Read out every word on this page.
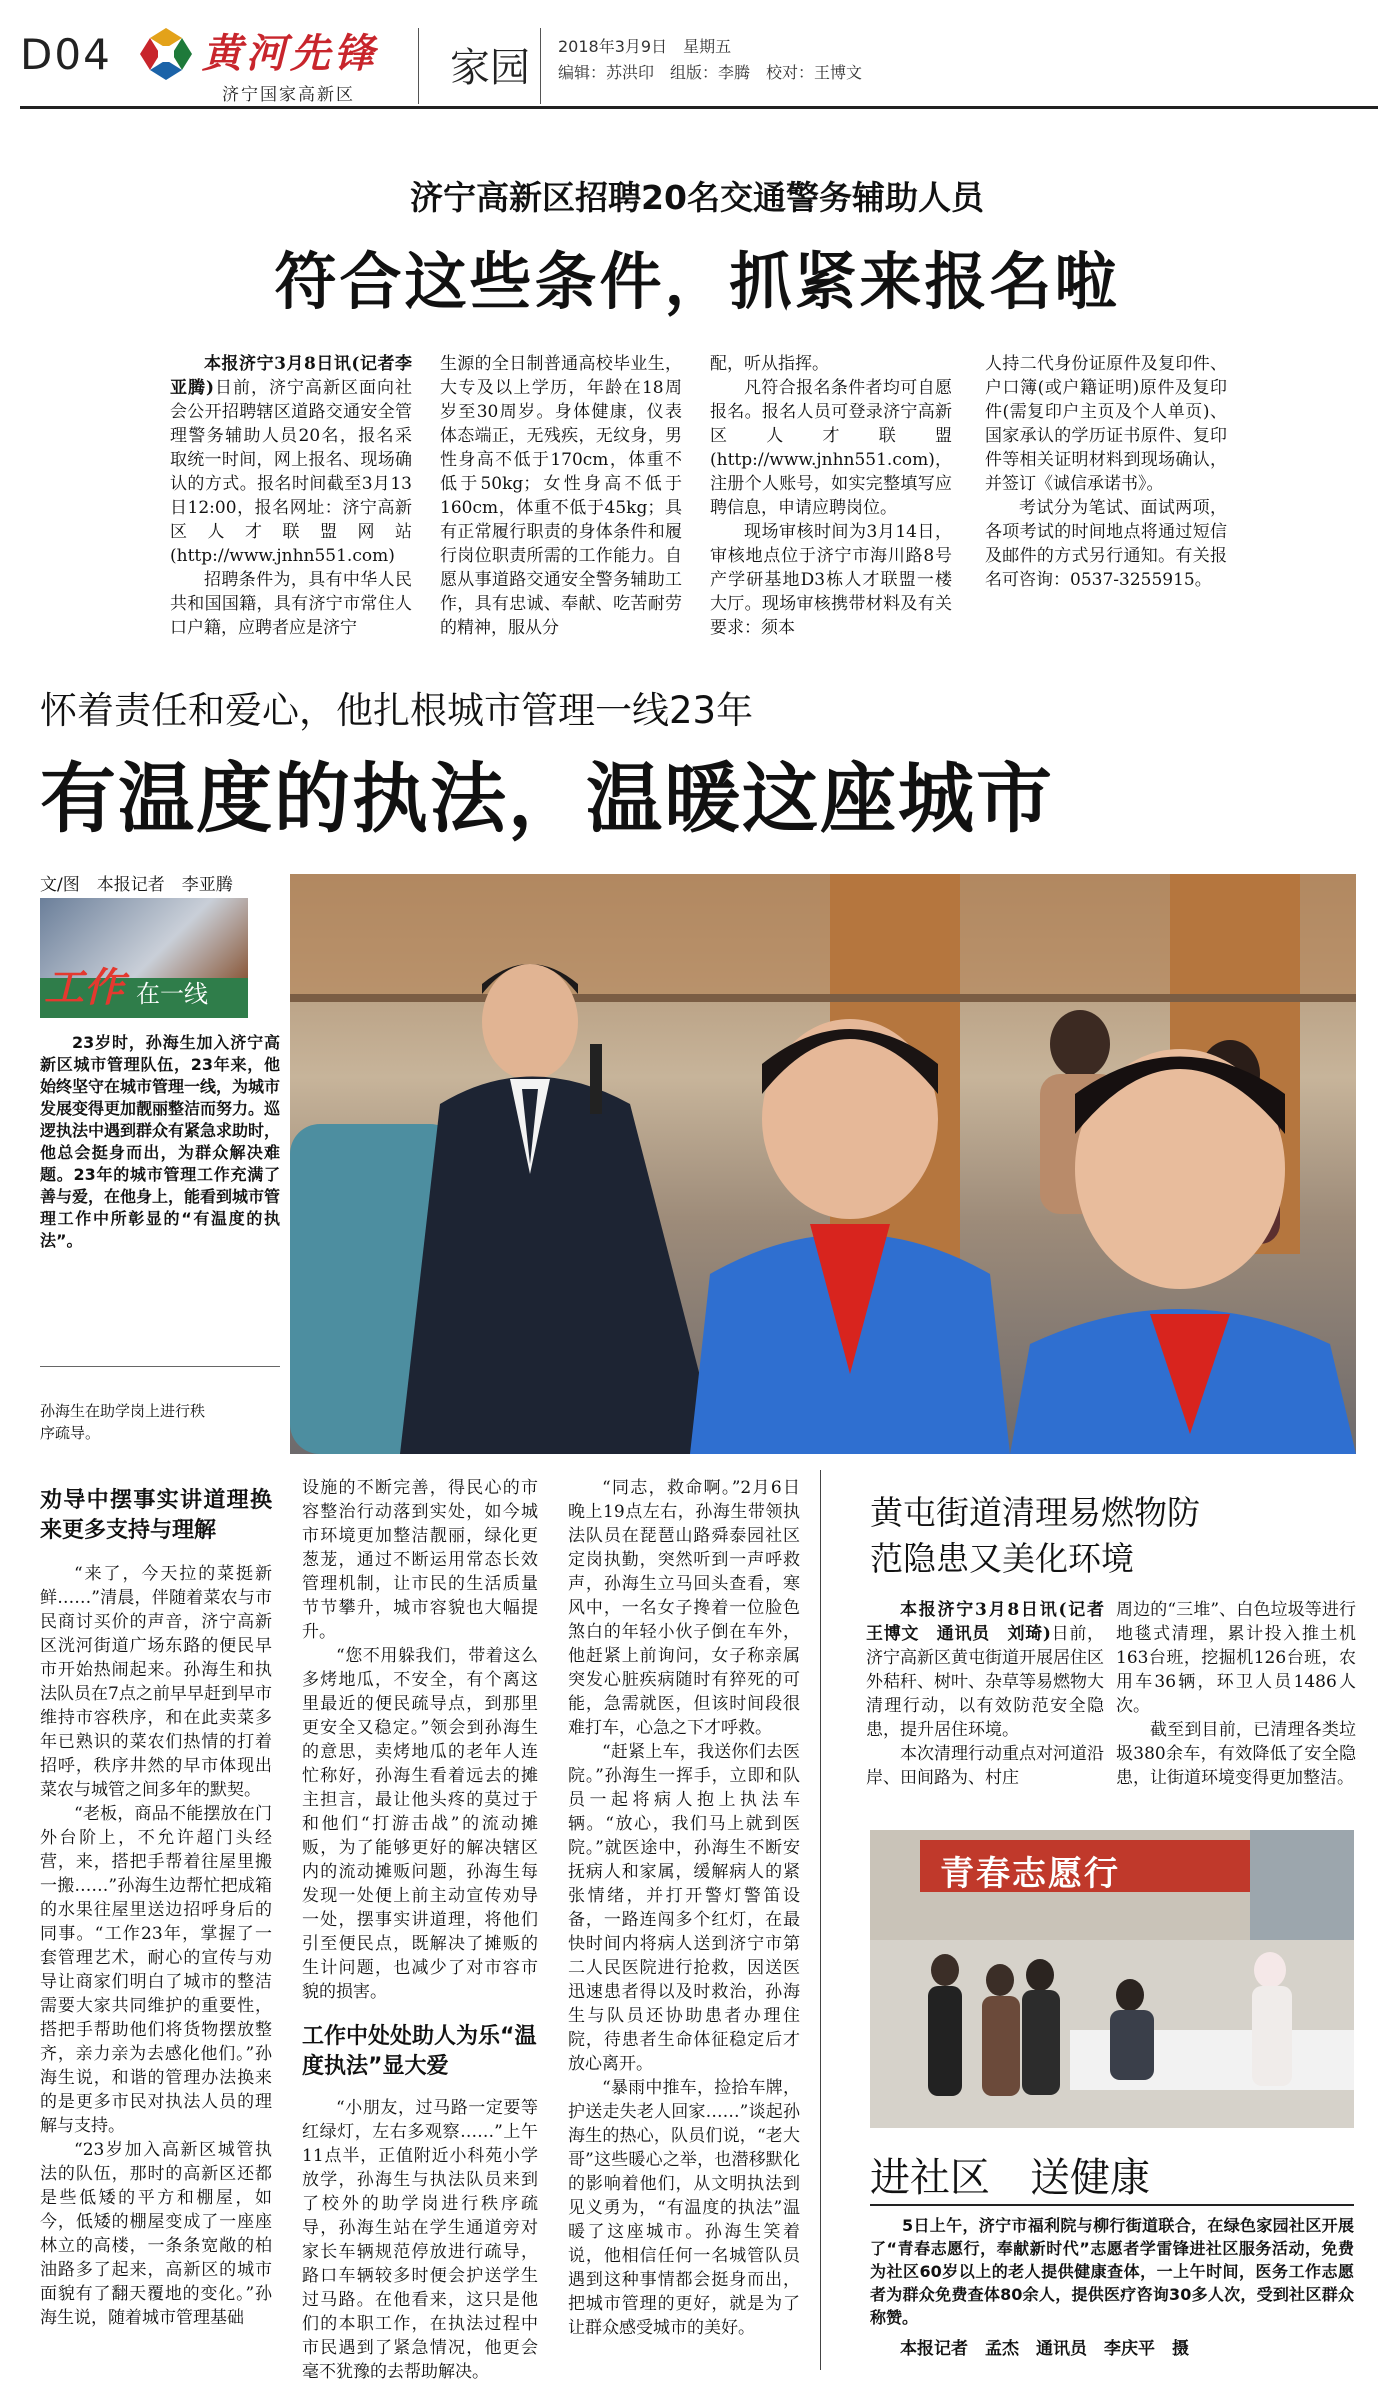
D04 黄河先锋
济宁国家高新区
家园 2018年3月9日　星期五
编辑：苏洪印　组版：李腾　校对：王博文
济宁高新区招聘20名交通警务辅助人员
符合这些条件，抓紧来报名啦

本报济宁3月8日讯(记者李亚腾)日前，济宁高新区面向社会公开招聘辖区道路交通安全管理警务辅助人员20名，报名采取统一时间，网上报名、现场确认的方式。报名时间截至3月13日12:00，报名网址：济宁高新区人才联盟网站(http://www.jnhn551.com)

招聘条件为，具有中华人民共和国国籍，具有济宁市常住人口户籍，应聘者应是济宁

生源的全日制普通高校毕业生，大专及以上学历，年龄在18周岁至30周岁。身体健康，仪表体态端正，无残疾，无纹身，男性身高不低于170cm，体重不低于50kg；女性身高不低于160cm，体重不低于45kg；具有正常履行职责的身体条件和履行岗位职责所需的工作能力。自愿从事道路交通安全警务辅助工作，具有忠诚、奉献、吃苦耐劳的精神，服从分

配，听从指挥。

凡符合报名条件者均可自愿报名。报名人员可登录济宁高新区人才联盟(http://www.jnhn551.com)，注册个人账号，如实完整填写应聘信息，申请应聘岗位。

现场审核时间为3月14日，审核地点位于济宁市海川路8号产学研基地D3栋人才联盟一楼大厅。现场审核携带材料及有关要求：须本

人持二代身份证原件及复印件、户口簿(或户籍证明)原件及复印件(需复印户主页及个人单页)、国家承认的学历证书原件、复印件等相关证明材料到现场确认，并签订《诚信承诺书》。

考试分为笔试、面试两项，各项考试的时间地点将通过短信及邮件的方式另行通知。有关报名可咨询：0537-3255915。

怀着责任和爱心，他扎根城市管理一线23年
有温度的执法，温暖这座城市
文/图　本报记者　李亚腾
工作 在一线

23岁时，孙海生加入济宁高新区城市管理队伍，23年来，他始终坚守在城市管理一线，为城市发展变得更加靓丽整洁而努力。巡逻执法中遇到群众有紧急求助时，他总会挺身而出，为群众解决难题。23年的城市管理工作充满了善与爱，在他身上，能看到城市管理工作中所彰显的“有温度的执法”。

孙海生在助学岗上进行秩序疏导。
劝导中摆事实讲道理换来更多支持与理解

“来了，今天拉的菜挺新鲜……”清晨，伴随着菜农与市民商讨买价的声音，济宁高新区洸河街道广场东路的便民早市开始热闹起来。孙海生和执法队员在7点之前早早赶到早市维持市容秩序，和在此卖菜多年已熟识的菜农们热情的打着招呼，秩序井然的早市体现出菜农与城管之间多年的默契。

“老板，商品不能摆放在门外台阶上，不允许超门头经营，来，搭把手帮着往屋里搬一搬……”孙海生边帮忙把成箱的水果往屋里送边招呼身后的同事。“工作23年，掌握了一套管理艺术，耐心的宣传与劝导让商家们明白了城市的整洁需要大家共同维护的重要性，搭把手帮助他们将货物摆放整齐，亲力亲为去感化他们。”孙海生说，和谐的管理办法换来的是更多市民对执法人员的理解与支持。

“23岁加入高新区城管执法的队伍，那时的高新区还都是些低矮的平方和棚屋，如今，低矮的棚屋变成了一座座林立的高楼，一条条宽敞的柏油路多了起来，高新区的城市面貌有了翻天覆地的变化。”孙海生说，随着城市管理基础

设施的不断完善，得民心的市容整治行动落到实处，如今城市环境更加整洁靓丽，绿化更葱茏，通过不断运用常态长效管理机制，让市民的生活质量节节攀升，城市容貌也大幅提升。

“您不用躲我们，带着这么多烤地瓜，不安全，有个离这里最近的便民疏导点，到那里更安全又稳定。”领会到孙海生的意思，卖烤地瓜的老年人连忙称好，孙海生看着远去的摊主担言，最让他头疼的莫过于和他们“打游击战”的流动摊贩，为了能够更好的解决辖区内的流动摊贩问题，孙海生每发现一处便上前主动宣传劝导一处，摆事实讲道理，将他们引至便民点，既解决了摊贩的生计问题，也减少了对市容市貌的损害。

工作中处处助人为乐“温度执法”显大爱

“小朋友，过马路一定要等红绿灯，左右多观察……”上午11点半，正值附近小科苑小学放学，孙海生与执法队员来到了校外的助学岗进行秩序疏导，孙海生站在学生通道旁对家长车辆规范停放进行疏导，路口车辆较多时便会护送学生过马路。在他看来，这只是他们的本职工作，在执法过程中市民遇到了紧急情况，他更会毫不犹豫的去帮助解决。

“同志，救命啊。”2月6日晚上19点左右，孙海生带领执法队员在琵琶山路舜泰园社区定岗执勤，突然听到一声呼救声，孙海生立马回头查看，寒风中，一名女子搀着一位脸色煞白的年轻小伙子倒在车外，他赶紧上前询问，女子称亲属突发心脏疾病随时有猝死的可能，急需就医，但该时间段很难打车，心急之下才呼救。

“赶紧上车，我送你们去医院。”孙海生一挥手，立即和队员一起将病人抱上执法车辆。“放心，我们马上就到医院。”就医途中，孙海生不断安抚病人和家属，缓解病人的紧张情绪，并打开警灯警笛设备，一路连闯多个红灯，在最快时间内将病人送到济宁市第二人民医院进行抢救，因送医迅速患者得以及时救治，孙海生与队员还协助患者办理住院，待患者生命体征稳定后才放心离开。

“暴雨中推车，捡拾车牌，护送走失老人回家……”谈起孙海生的热心，队员们说，“老大哥”这些暖心之举，也潜移默化的影响着他们，从文明执法到见义勇为，“有温度的执法”温暖了这座城市。孙海生笑着说，他相信任何一名城管队员遇到这种事情都会挺身而出，把城市管理的更好，就是为了让群众感受城市的美好。

黄屯街道清理易燃物防范隐患又美化环境

本报济宁3月8日讯(记者　王博文　通讯员　刘琦)日前，济宁高新区黄屯街道开展居住区外秸秆、树叶、杂草等易燃物大清理行动，以有效防范安全隐患，提升居住环境。

本次清理行动重点对河道沿岸、田间路为、村庄

周边的“三堆”、白色垃圾等进行地毯式清理，累计投入推土机163台班，挖掘机126台班，农用车36辆，环卫人员1486人次。

截至到目前，已清理各类垃圾380余车，有效降低了安全隐患，让街道环境变得更加整洁。

青春志愿行
进社区　送健康

5日上午，济宁市福利院与柳行街道联合，在绿色家园社区开展了“青春志愿行，奉献新时代”志愿者学雷锋进社区服务活动，免费为社区60岁以上的老人提供健康查体，一上午时间，医务工作志愿者为群众免费查体80余人，提供医疗咨询30多人次，受到社区群众称赞。

本报记者　孟杰　通讯员　李庆平　摄
